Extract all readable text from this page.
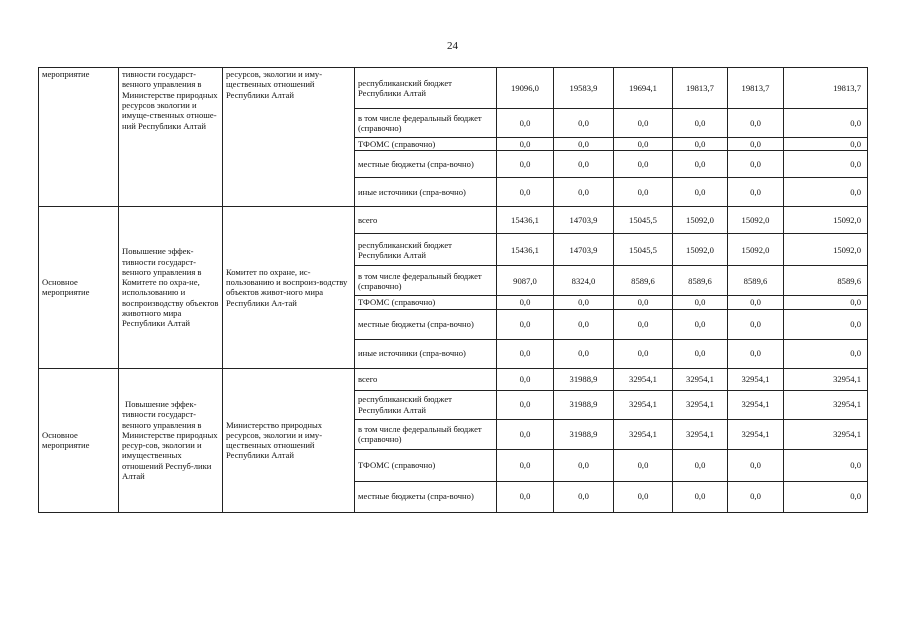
24
мероприятие	тивности государст-венного управления в Министерстве природных ресурсов экологии и имуще-ственных отноше-ний Республики Алтай	ресурсов, экологии и иму-щественных отношений Республики Алтай	республиканский бюджет Республики Алтай	19096,0	19583,9	19694,1	19813,7	19813,7	19813,7
			в том числе федеральный бюджет (справочно)	0,0	0,0	0,0	0,0	0,0	0,0
			ТФОМС (справочно)	0,0	0,0	0,0	0,0	0,0	0,0
			местные бюджеты (спра-вочно)	0,0	0,0	0,0	0,0	0,0	0,0
			иные источники (спра-вочно)	0,0	0,0	0,0	0,0	0,0	0,0
Основное мероприятие	Повышение эффек-тивности государст-венного управления в Комитете по охра-не, использованию и воспроизводству объектов животного мира Республики Алтай	Комитет по охране, ис-пользованию и воспроиз-водству объектов живот-ного мира Республики Ал-тай	всего	15436,1	14703,9	15045,5	15092,0	15092,0	15092,0
			республиканский бюджет Республики Алтай	15436,1	14703,9	15045,5	15092,0	15092,0	15092,0
			в том числе федеральный бюджет (справочно)	9087,0	8324,0	8589,6	8589,6	8589,6	8589,6
			ТФОМС (справочно)	0,0	0,0	0,0	0,0	0,0	0,0
			местные бюджеты (спра-вочно)	0,0	0,0	0,0	0,0	0,0	0,0
			иные источники (спра-вочно)	0,0	0,0	0,0	0,0	0,0	0,0
Основное мероприятие	Повышение эффек-тивности государст-венного управления в Министерстве природных ресур-сов, экологии и имущественных отношений Респуб-лики Алтай	Министерство природных ресурсов, экологии и иму-щественных отношений Республики Алтай	всего	0,0	31988,9	32954,1	32954,1	32954,1	32954,1
			республиканский бюджет Республики Алтай	0,0	31988,9	32954,1	32954,1	32954,1	32954,1
			в том числе федеральный бюджет (справочно)	0,0	31988,9	32954,1	32954,1	32954,1	32954,1
			ТФОМС (справочно)	0,0	0,0	0,0	0,0	0,0	0,0
			местные бюджеты (спра-вочно)	0,0	0,0	0,0	0,0	0,0	0,0
